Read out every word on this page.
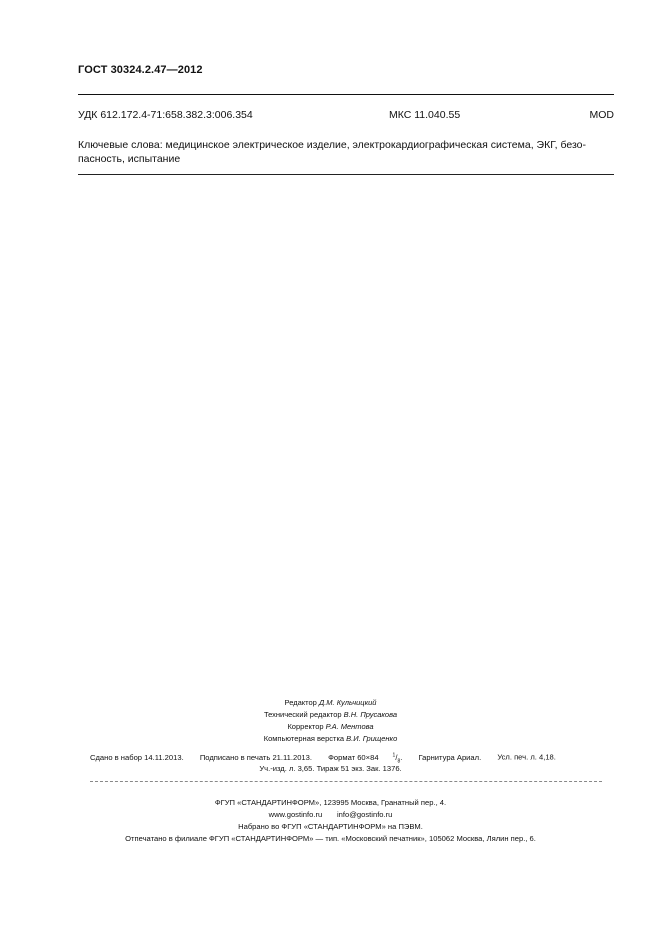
ГОСТ 30324.2.47—2012
УДК 612.172.4-71:658.382.3:006.354	МКС 11.040.55	MOD
Ключевые слова: медицинское электрическое изделие, электрокардиографическая система, ЭКГ, безо-пасность, испытание
Редактор Д.М. Кульчицкий
Технический редактор В.Н. Прусакова
Корректор Р.А. Ментова
Компьютерная верстка В.И. Грищенко
Сдано в набор 14.11.2013. Подписано в печать 21.11.2013. Формат 60×84	$^1/_8$. Гарнитура Ариал. Усл. печ. л. 4,18.
Уч.-изд. л. 3,65. Тираж 51 экз. Зак. 1376.
ФГУП «СТАНДАРТИНФОРМ», 123995 Москва, Гранатный пер., 4.
www.gostinfo.ru info@gostinfo.ru
Набрано во ФГУП «СТАНДАРТИНФОРМ» на ПЭВМ.
Отпечатано в филиале ФГУП «СТАНДАРТИНФОРМ» — тип. «Московский печатник», 105062 Москва, Лялин пер., 6.
